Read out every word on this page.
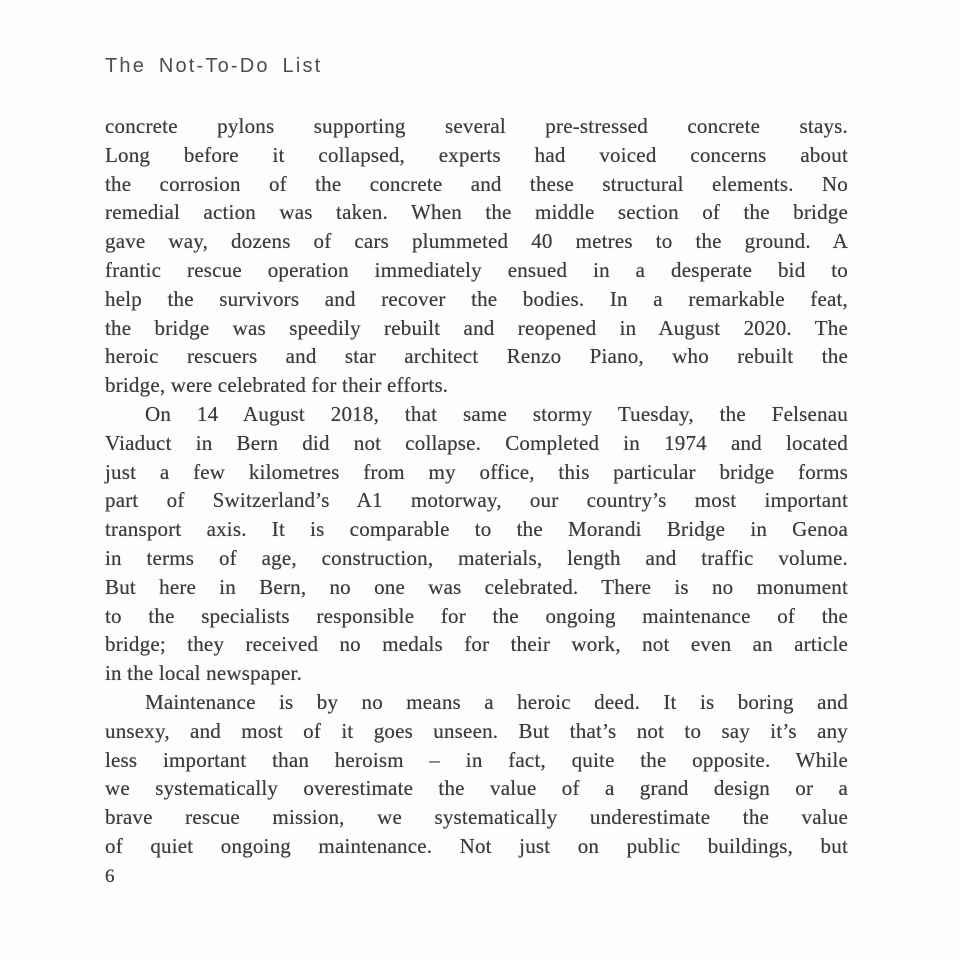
The Not-To-Do List
concrete pylons supporting several pre-stressed concrete stays.
Long before it collapsed, experts had voiced concerns about
the corrosion of the concrete and these structural elements. No
remedial action was taken. When the middle section of the bridge
gave way, dozens of cars plummeted 40 metres to the ground. A
frantic rescue operation immediately ensued in a desperate bid to
help the survivors and recover the bodies. In a remarkable feat,
the bridge was speedily rebuilt and reopened in August 2020. The
heroic rescuers and star architect Renzo Piano, who rebuilt the
bridge, were celebrated for their efforts.
On 14 August 2018, that same stormy Tuesday, the Felsenau
Viaduct in Bern did not collapse. Completed in 1974 and located
just a few kilometres from my office, this particular bridge forms
part of Switzerland’s A1 motorway, our country’s most important
transport axis. It is comparable to the Morandi Bridge in Genoa
in terms of age, construction, materials, length and traffic volume.
But here in Bern, no one was celebrated. There is no monument
to the specialists responsible for the ongoing maintenance of the
bridge; they received no medals for their work, not even an article
in the local newspaper.
Maintenance is by no means a heroic deed. It is boring and
unsexy, and most of it goes unseen. But that’s not to say it’s any
less important than heroism – in fact, quite the opposite. While
we systematically overestimate the value of a grand design or a
brave rescue mission, we systematically underestimate the value
of quiet ongoing maintenance. Not just on public buildings, but
6
